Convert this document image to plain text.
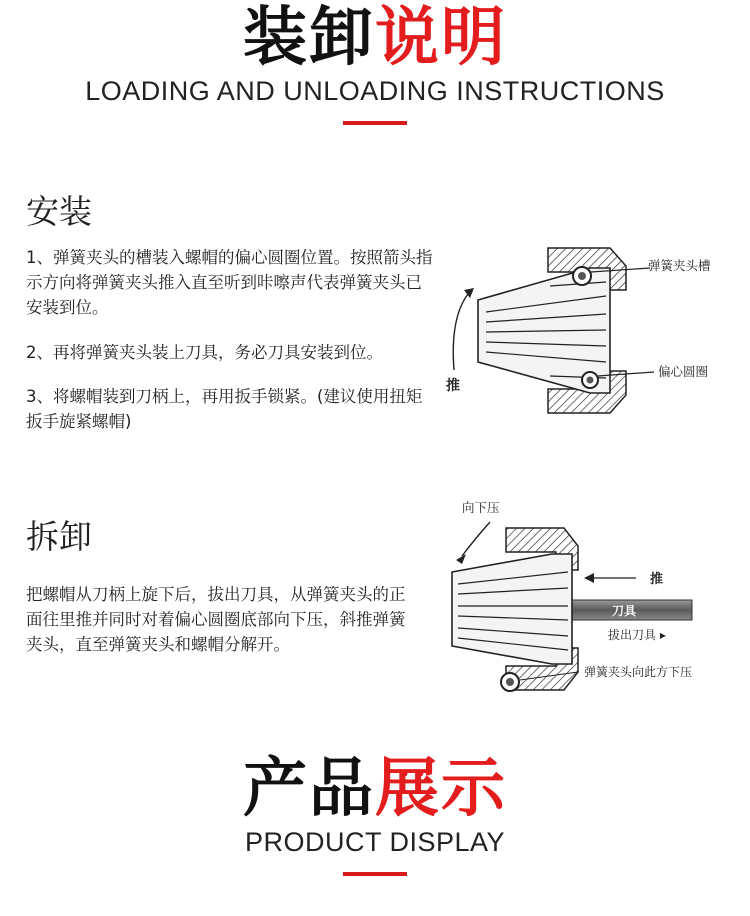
装卸说明
LOADING AND UNLOADING INSTRUCTIONS
安装
1、弹簧夹头的槽装入螺帽的偏心圆圈位置。按照箭头指示方向将弹簧夹头推入直至听到咔嚓声代表弹簧夹头已安装到位。
2、再将弹簧夹头装上刀具，务必刀具安装到位。
3、将螺帽装到刀柄上，再用扳手锁紧。(建议使用扭矩扳手旋紧螺帽)
弹簧夹头槽
偏心圆圈
推
拆卸
把螺帽从刀柄上旋下后，拔出刀具，从弹簧夹头的正面往里推并同时对着偏心圆圈底部向下压，斜推弹簧夹头，直至弹簧夹头和螺帽分解开。
向下压
推
刀具
拔出刀具 ▸
弹簧夹头向此方下压
产品展示
PRODUCT DISPLAY
